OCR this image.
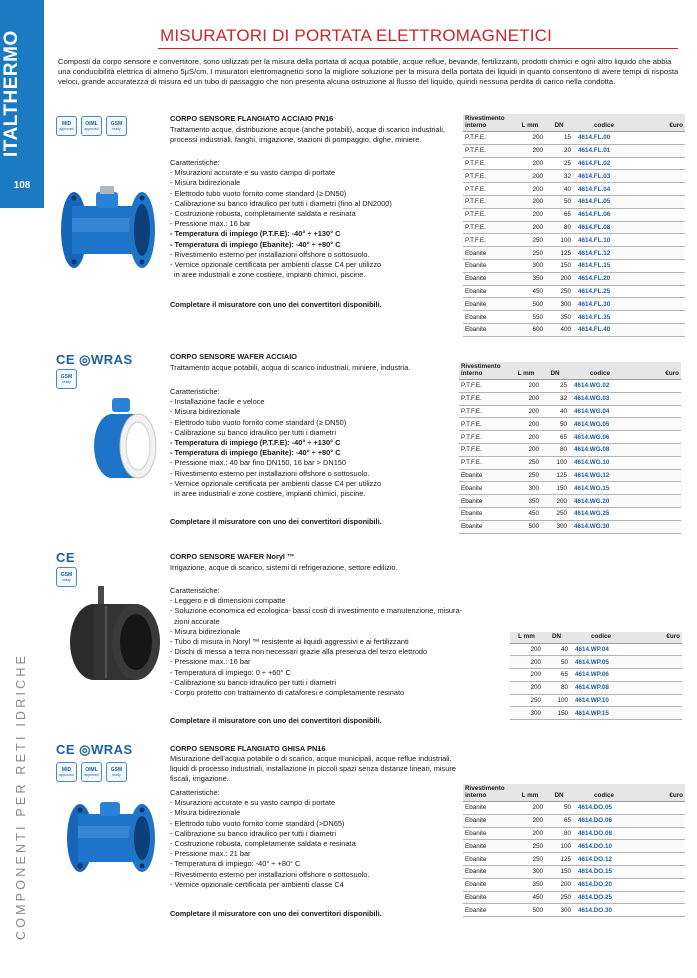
ITALTHERMO
108
COMPONENTI PER RETI IDRICHE
MISURATORI DI PORTATA ELETTROMAGNETICI
Composti da corpo sensore e convertitore, sono utilizzati per la misura della portata di acqua potabile, acque reflue, bevande, fertilizzanti, prodotti chimici e ogni altro liquido che abbia una conducibilità elettrica di almeno 5µS/cm. I misuratori elettromagnetici sono la migliore soluzione per la misura della portata dei liquidi in quanto consentono di avere tempi di risposta veloci, grande accuratezza di misura ed un tubo di passaggio che non presenta alcuna ostruzione al flusso del liquido, quindi nessuna perdita di carico nella condotta.
MID
approved
OIML
approved
GSM
ready
CORPO SENSORE FLANGIATO ACCIAIO PN16
Trattamento acque, distribuzione acque (anche potabili), acque di scarico industriali, processi industriali, fanghi, irrigazione, stazioni di pompaggio, dighe, miniere.
Caratteristiche:
- Misurazioni accurate e su vasto campo di portate
- Misura bidirezionale
- Elettrodo tubo vuoto fornito come standard (≥ DN50)
- Calibrazione su banco idraulico per tutti i diametri (fino al DN2000)
- Costruzione robusta, completamente saldata e resinata
- Pressione max.: 16 bar
- Temperatura di impiego (P.T.F.E): -40° ÷ +130° C
- Temperatura di impiego (Ebanite): -40° ÷ +80° C
- Rivestimento esterno per installazioni offshore o sottosuolo.
- Vernice opzionale certificata per ambienti classe C4 per utilizzo
in aree industriali e zone costiere, impianti chimici, piscine.
Completare il misuratore con uno dei convertitori disponibili.
Rivestimento interno	L mm	DN	codice	€uro
P.T.F.E.	200	15	4614.FL.00	
P.T.F.E.	200	20	4614.FL.01	
P.T.F.E.	200	25	4614.FL.02	
P.T.F.E.	200	32	4614.FL.03	
P.T.F.E.	200	40	4614.FL.04	
P.T.F.E.	200	50	4614.FL.05	
P.T.F.E.	200	65	4614.FL.06	
P.T.F.E.	200	80	4614.FL.08	
P.T.F.E.	250	100	4614.FL.10	
Ebanite	250	125	4614.FL.12	
Ebanite	300	150	4614.FL.15	
Ebanite	350	200	4614.FL.20	
Ebanite	450	250	4614.FL.25	
Ebanite	500	300	4614.FL.30	
Ebanite	550	350	4614.FL.35	
Ebanite	600	400	4614.FL.40	
CE ◎WRAS
GSM
ready
CORPO SENSORE WAFER ACCIAIO
Trattamento acque potabili, acqua di scarico industriali, miniere, industria.
Caratteristiche:
- Installazione facile e veloce
- Misura bidirezionale
- Elettrodo tubo vuoto fornito come standard (≥ DN50)
- Calibrazione su banco idraulico per tutti i diametri
- Temperatura di impiego (P.T.F.E): -40° ÷ +130° C
- Temperatura di impiego (Ebanite): -40° ÷ +80° C
- Pressione max.: 40 bar fino DN150, 16 bar > DN150
- Rivestimento esterno per installazioni offshore o sottosuolo.
- Vernice opzionale certificata per ambienti classe C4 per utilizzo
in aree industriali e zone costiere, impianti chimici, piscine.
Completare il misuratore con uno dei convertitori disponibili.
Rivestimento interno	L mm	DN	codice	€uro
P.T.F.E.	200	25	4614.WG.02	
P.T.F.E.	200	32	4614.WG.03	
P.T.F.E.	200	40	4614.WG.04	
P.T.F.E.	200	50	4614.WG.05	
P.T.F.E.	200	65	4614.WG.06	
P.T.F.E.	200	80	4614.WG.08	
P.T.F.E.	250	100	4614.WG.10	
Ebanite	250	125	4614.WG.12	
Ebanite	300	150	4614.WG.15	
Ebanite	350	200	4614.WG.20	
Ebanite	450	250	4614.WG.25	
Ebanite	500	300	4614.WG.30	
CE
GSM
ready
CORPO SENSORE WAFER Noryl ™
Irrigazione, acque di scarico, sistemi di refrigerazione, settore edilizio.
Caratteristiche:
- Leggero e di dimensioni compatte
- Soluzione economica ed ecologica- bassi costi di investimento e manutenzione, misura-
zioni accurate
- Misura bidirezionale
- Tubo di misura in Noryl ™ resistente ai liquidi aggressivi e ai fertilizzanti
- Dischi di messa a terra non necessari grazie alla presenza del terzo elettrodo
- Pressione max.: 16 bar
- Temperatura di impiego: 0 ÷ +60° C
- Calibrazione su banco idraulico per tutti i diametri
- Corpo protetto con trattamento di cataforesi e completamente resinato
Completare il misuratore con uno dei convertitori disponibili.
L mm	DN	codice	€uro
200	40	4614.WP.04	
200	50	4614.WP.05	
200	65	4614.WP.06	
200	80	4614.WP.08	
250	100	4614.WP.10	
300	150	4614.WP.15	
CE ◎WRAS
MID
approved
OIML
approved
GSM
ready
CORPO SENSORE FLANGIATO GHISA PN16
Misurazione dell'acqua potabile o di scarico, acque municipali, acque reflue industriali, liquidi di processo industriali, installazione in piccoli spazi senza distanze lineari, misure fiscali, irrigazione.
Caratteristiche:
- Misurazioni accurate e su vasto campo di portate
- Misura bidirezionale
- Elettrodo tubo vuoto fornito come standard (>DN65)
- Calibrazione su banco idraulico per tutti i diametri
- Costruzione robusta, completamente saldata e resinata
- Pressione max.: 21 bar
- Temperatura di impiego: -40° ÷ +80° C
- Rivestimento esterno per installazioni offshore o sottosuolo.
- Vernice opzionale certificata per ambienti classe C4
Completare il misuratore con uno dei convertitori disponibili.
Rivestimento interno	L mm	DN	codice	€uro
Ebanite	200	50	4614.DO.05	
Ebanite	200	65	4614.DO.06	
Ebanite	200	80	4614.DO.08	
Ebanite	250	100	4614.DO.10	
Ebanite	250	125	4614.DO.12	
Ebanite	300	150	4614.DO.15	
Ebanite	350	200	4614.DO.20	
Ebanite	450	250	4614.DO.25	
Ebanite	500	300	4614.DO.30	
